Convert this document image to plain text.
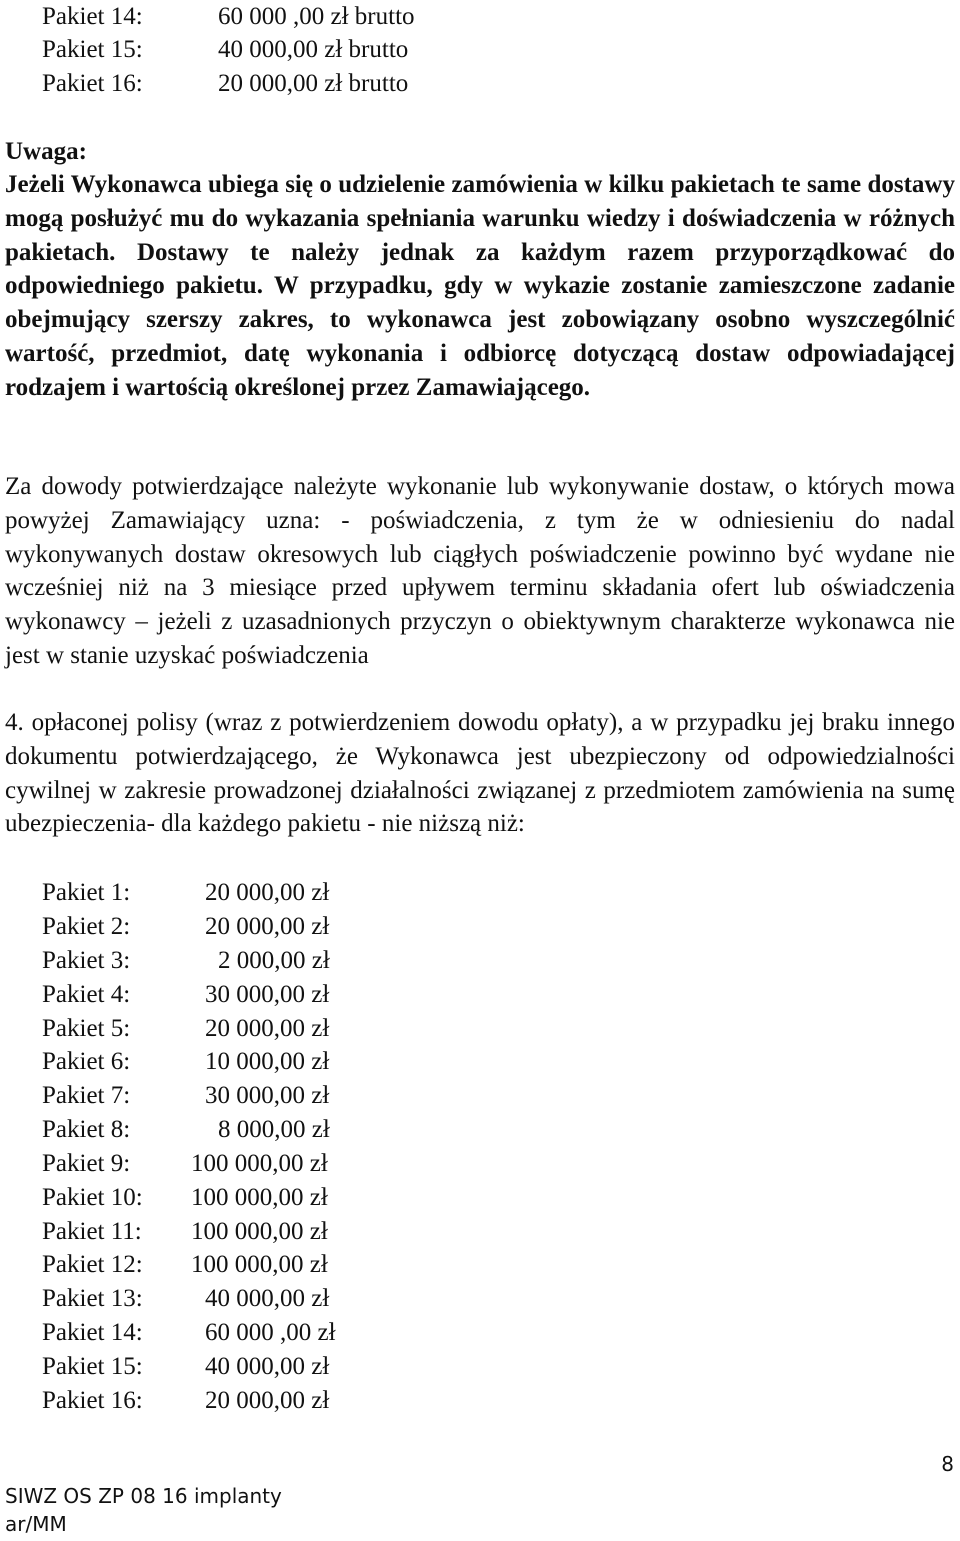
Pakiet 14:	60 000 ,00 zł brutto
Pakiet 15:	40 000,00 zł brutto
Pakiet 16:	20 000,00 zł brutto
Uwaga:
Jeżeli Wykonawca ubiega się o udzielenie zamówienia w kilku pakietach te same dostawy mogą posłużyć mu do wykazania spełniania warunku wiedzy i doświadczenia w różnych pakietach. Dostawy te należy jednak za każdym razem przyporządkować do odpowiedniego pakietu. W przypadku, gdy w wykazie zostanie zamieszczone zadanie obejmujący szerszy zakres, to wykonawca jest zobowiązany osobno wyszczególnić wartość, przedmiot, datę wykonania i odbiorcę dotyczącą dostaw odpowiadającej rodzajem i wartością określonej przez Zamawiającego.
Za dowody potwierdzające należyte wykonanie lub wykonywanie dostaw, o których mowa powyżej Zamawiający uzna: - poświadczenia, z tym że w odniesieniu do nadal wykonywanych dostaw okresowych lub ciągłych poświadczenie powinno być wydane nie wcześniej niż na 3 miesiące przed upływem terminu składania ofert lub oświadczenia wykonawcy – jeżeli z uzasadnionych przyczyn o obiektywnym charakterze wykonawca nie jest w stanie uzyskać poświadczenia
4. opłaconej polisy (wraz z potwierdzeniem dowodu opłaty), a w przypadku jej braku innego dokumentu potwierdzającego, że Wykonawca jest ubezpieczony od odpowiedzialności cywilnej w zakresie prowadzonej działalności związanej z przedmiotem zamówienia na sumę ubezpieczenia- dla każdego pakietu - nie niższą niż:
Pakiet 1:	20 000,00 zł
Pakiet 2:	20 000,00 zł
Pakiet 3:	2 000,00 zł
Pakiet 4:	30 000,00 zł
Pakiet 5:	20 000,00 zł
Pakiet 6:	10 000,00 zł
Pakiet 7:	30 000,00 zł
Pakiet 8:	8 000,00 zł
Pakiet 9: 100 000,00 zł
Pakiet 10: 100 000,00 zł
Pakiet 11: 100 000,00 zł
Pakiet 12: 100 000,00 zł
Pakiet 13: 40 000,00 zł
Pakiet 14: 60 000 ,00 zł
Pakiet 15: 40 000,00 zł
Pakiet 16: 20 000,00 zł
8
SIWZ OS ZP 08 16 implanty
ar/MM
